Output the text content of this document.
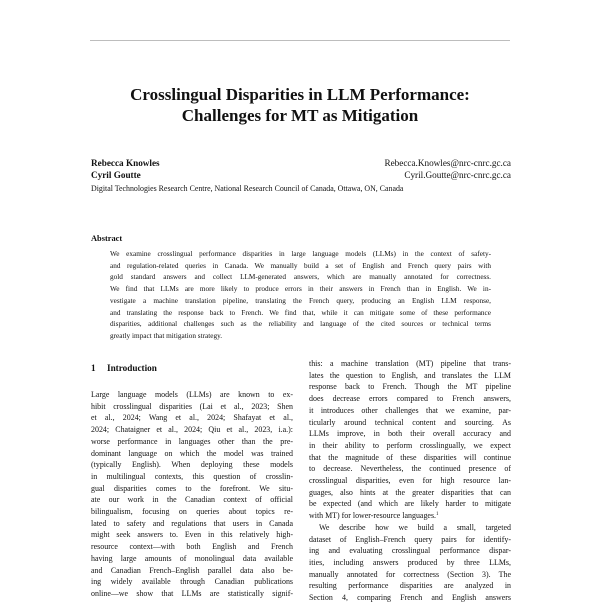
Crosslingual Disparities in LLM Performance:
Challenges for MT as Mitigation
Rebecca Knowles	Rebecca.Knowles@nrc-cnrc.gc.ca
Cyril Goutte	Cyril.Goutte@nrc-cnrc.gc.ca
Digital Technologies Research Centre, National Research Council of Canada, Ottawa, ON, Canada
Abstract
We examine crosslingual performance disparities in large language models (LLMs) in the context of safety-
and regulation-related queries in Canada. We manually build a set of English and French query pairs with
gold standard answers and collect LLM-generated answers, which are manually annotated for correctness.
We find that LLMs are more likely to produce errors in their answers in French than in English. We in-
vestigate a machine translation pipeline, translating the French query, producing an English LLM response,
and translating the response back to French. We find that, while it can mitigate some of these performance
disparities, additional challenges such as the reliability and language of the cited sources or technical terms
greatly impact that mitigation strategy.
1 Introduction
Large language models (LLMs) are known to ex-
hibit crosslingual disparities (Lai et al., 2023; Shen
et al., 2024; Wang et al., 2024; Shafayat et al.,
2024; Chataigner et al., 2024; Qiu et al., 2023, i.a.):
worse performance in languages other than the pre-
dominant language on which the model was trained
(typically English). When deploying these models
in multilingual contexts, this question of crosslin-
gual disparities comes to the forefront. We situ-
ate our work in the Canadian context of official
bilingualism, focusing on queries about topics re-
lated to safety and regulations that users in Canada
might seek answers to. Even in this relatively high-
resource context—with both English and French
having large amounts of monolingual data available
and Canadian French–English parallel data also be-
ing widely available through Canadian publications
online—we show that LLMs are statistically signif-
this: a machine translation (MT) pipeline that trans-
lates the question to English, and translates the LLM
response back to French. Though the MT pipeline
does decrease errors compared to French answers,
it introduces other challenges that we examine, par-
ticularly around technical content and sourcing. As
LLMs improve, in both their overall accuracy and
in their ability to perform crosslingually, we expect
that the magnitude of these disparities will continue
to decrease. Nevertheless, the continued presence of
crosslingual disparities, even for high resource lan-
guages, also hints at the greater disparities that can
be expected (and which are likely harder to mitigate
with MT) for lower-resource languages.$^1$
We describe how we build a small, targeted
dataset of English–French query pairs for identify-
ing and evaluating crosslingual performance dispar-
ities, including answers produced by three LLMs,
manually annotated for correctness (Section 3). The
resulting performance disparities are analyzed in
Section 4, comparing French and English answers
